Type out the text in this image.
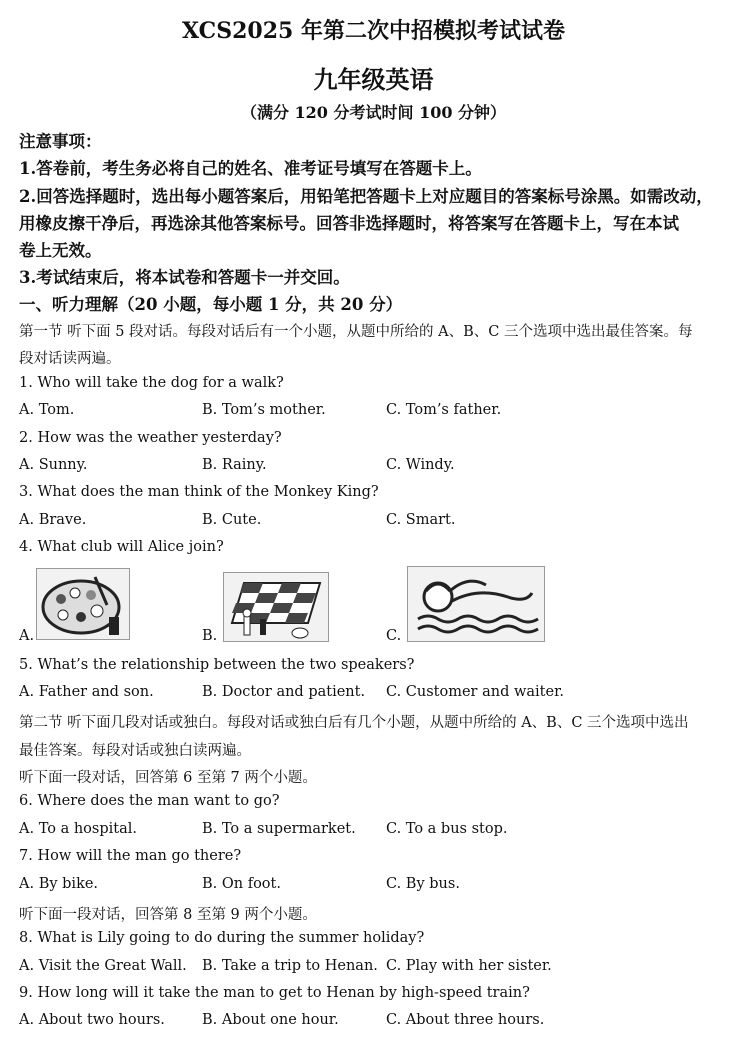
XCS2025 年第二次中招模拟考试试卷
九年级英语
（满分 120 分考试时间 100 分钟）
注意事项：
1.答卷前，考生务必将自己的姓名、准考证号填写在答题卡上。
2.回答选择题时，选出每小题答案后，用铅笔把答题卡上对应题目的答案标号涂黑。如需改动，
用橡皮擦干净后，再选涂其他答案标号。回答非选择题时，将答案写在答题卡上，写在本试
卷上无效。
3.考试结束后，将本试卷和答题卡一并交回。
一、听力理解（20 小题，每小题 1 分，共 20 分）
第一节 听下面 5 段对话。每段对话后有一个小题，从题中所给的 A、B、C 三个选项中选出最佳答案。每
段对话读两遍。
1. Who will take the dog for a walk?
A. Tom.	B. Tom’s mother.	C. Tom’s father.
2. How was the weather yesterday?
A. Sunny.	B. Rainy.	C. Windy.
3. What does the man think of the Monkey King?
A. Brave.	B. Cute.	C. Smart.
4. What club will Alice join?
A.	B.	C.
5. What’s the relationship between the two speakers?
A. Father and son.	B. Doctor and patient. C. Customer and waiter.
第二节 听下面几段对话或独白。每段对话或独白后有几个小题，从题中所给的 A、B、C 三个选项中选出
最佳答案。每段对话或独白读两遍。
听下面一段对话，回答第 6 至第 7 两个小题。
6. Where does the man want to go?
A. To a hospital.	B. To a supermarket. C. To a bus stop.
7. How will the man go there?
A. By bike.	B. On foot.	C. By bus.
听下面一段对话，回答第 8 至第 9 两个小题。
8. What is Lily going to do during the summer holiday?
A. Visit the Great Wall. B. Take a trip to Henan. C. Play with her sister.
9. How long will it take the man to get to Henan by high-speed train?
A. About two hours.	B. About one hour.	C. About three hours.
